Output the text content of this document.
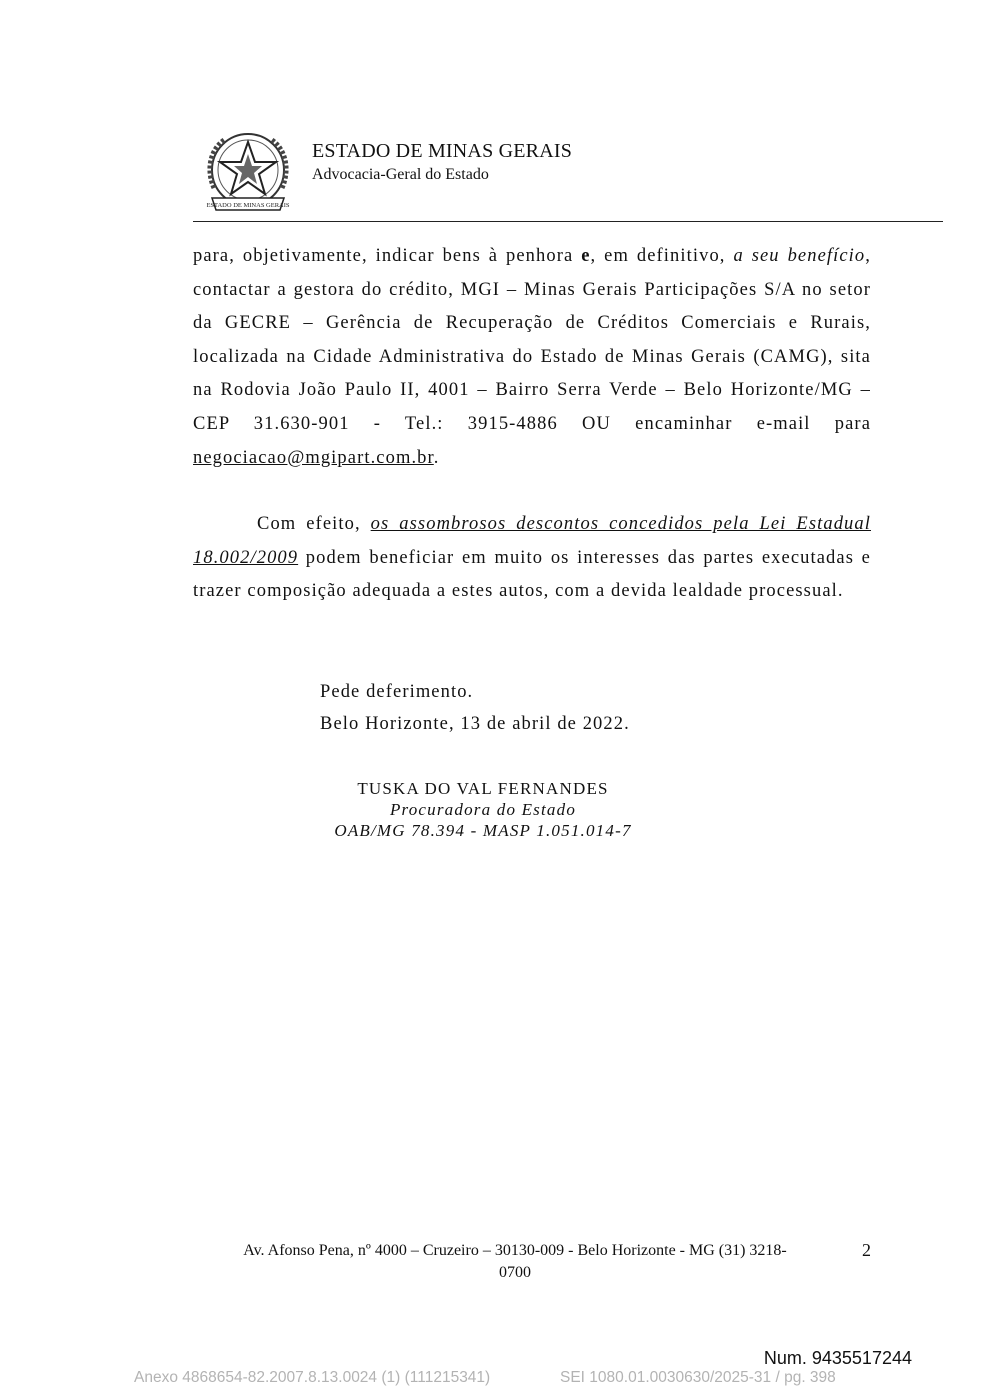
ESTADO DE MINAS GERAIS
ESTADO DE MINAS GERAIS
Advocacia-Geral do Estado
para, objetivamente, indicar bens à penhora e, em definitivo, a seu benefício, contactar a gestora do crédito, MGI – Minas Gerais Participações S/A no setor da GECRE – Gerência de Recuperação de Créditos Comerciais e Rurais, localizada na Cidade Administrativa do Estado de Minas Gerais (CAMG), sita na Rodovia João Paulo II, 4001 – Bairro Serra Verde – Belo Horizonte/MG – CEP 31.630-901 - Tel.: 3915-4886 OU encaminhar e-mail para negociacao@mgipart.com.br.
Com efeito, os assombrosos descontos concedidos pela Lei Estadual 18.002/2009 podem beneficiar em muito os interesses das partes executadas e trazer composição adequada a estes autos, com a devida lealdade processual.
Pede deferimento.
Belo Horizonte, 13 de abril de 2022.
TUSKA DO VAL FERNANDES
Procuradora do Estado
OAB/MG 78.394 - MASP 1.051.014-7
Av. Afonso Pena, nº 4000 – Cruzeiro – 30130-009 - Belo Horizonte - MG (31) 3218-
0700
2
Num. 9435517244
Anexo 4868654-82.2007.8.13.0024 (1) (111215341)	SEI 1080.01.0030630/2025-31 / pg. 398
